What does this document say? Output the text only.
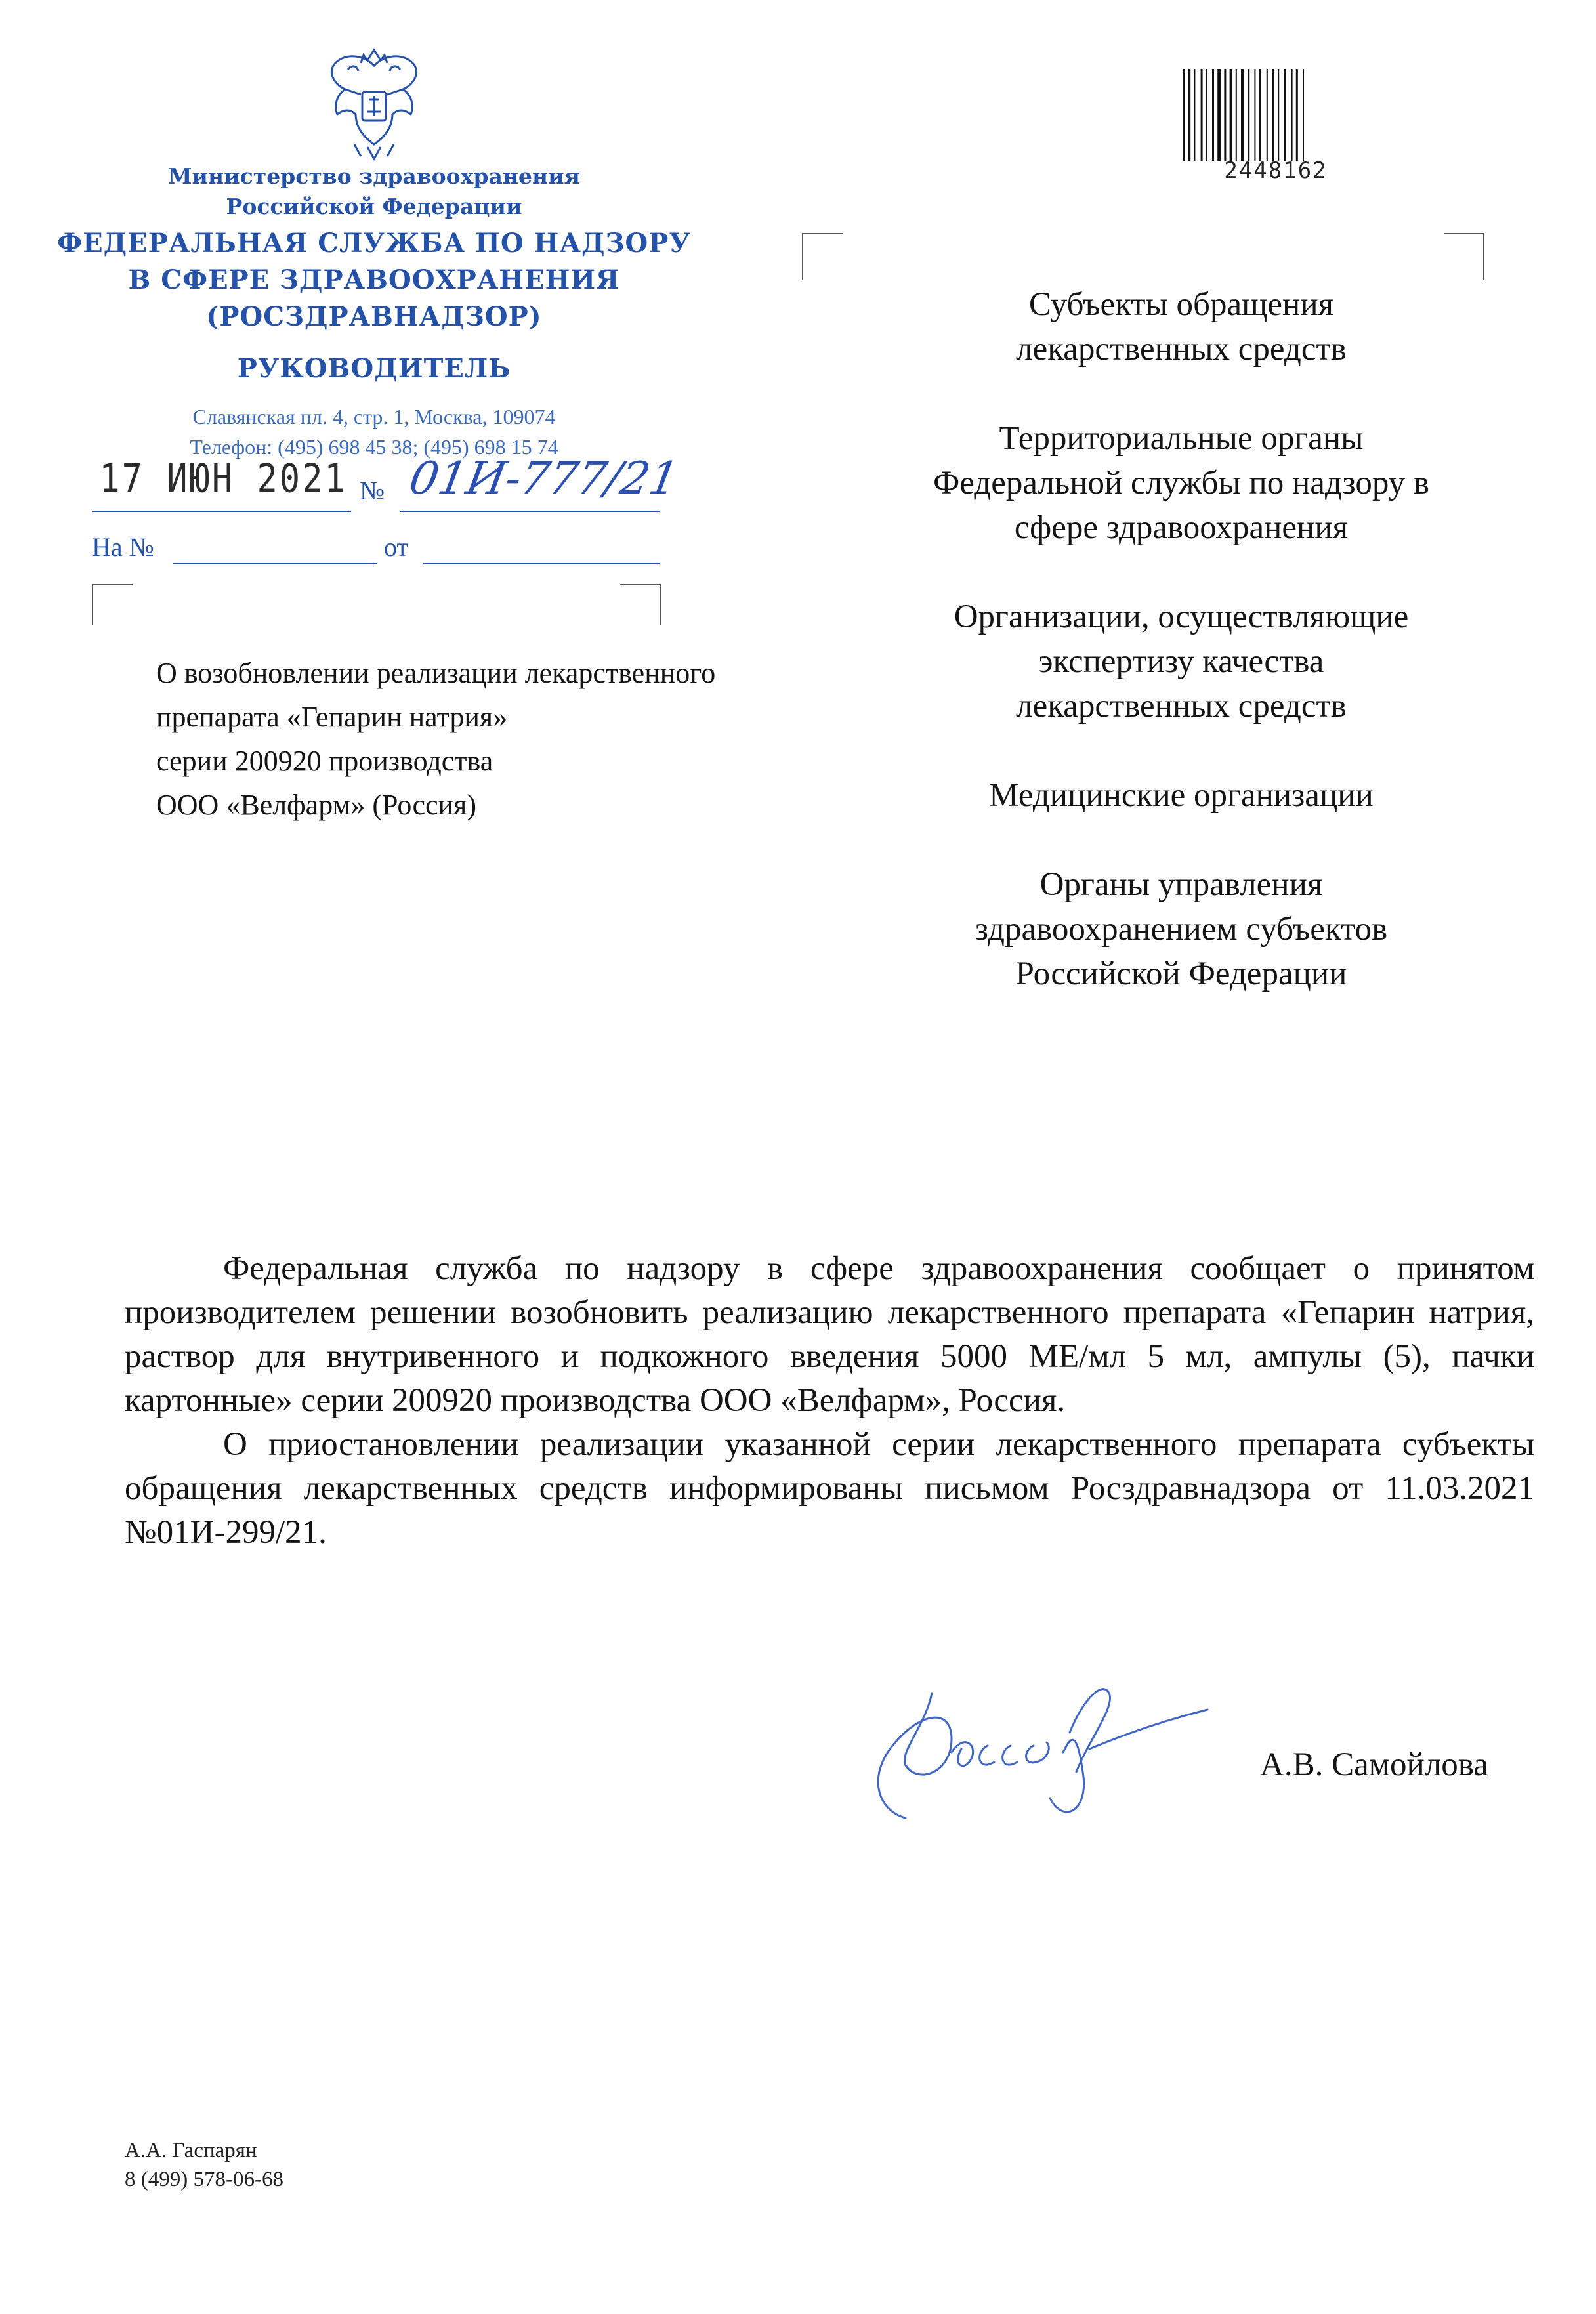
Министерство здравоохранения
Российской Федерации
ФЕДЕРАЛЬНАЯ СЛУЖБА ПО НАДЗОРУ
В СФЕРЕ ЗДРАВООХРАНЕНИЯ
(РОСЗДРАВНАДЗОР)
РУКОВОДИТЕЛЬ
Славянская пл. 4, стр. 1, Москва, 109074
Телефон: (495) 698 45 38; (495) 698 15 74
17 ИЮН 2021 № 01И-777/21
На №	от
О возобновлении реализации лекарственного
препарата «Гепарин натрия»
серии 200920 производства
ООО «Велфарм» (Россия)
2448162
Субъекты обращения
лекарственных средств
Территориальные органы
Федеральной службы по надзору в
сфере здравоохранения
Организации, осуществляющие
экспертизу качества
лекарственных средств
Медицинские организации
Органы управления
здравоохранением субъектов
Российской Федерации

Федеральная служба по надзору в сфере здравоохранения сообщает о принятом производителем решении возобновить реализацию лекарственного препарата «Гепарин натрия, раствор для внутривенного и подкожного введения 5000 МЕ/мл 5 мл, ампулы (5), пачки картонные» серии 200920 производства ООО «Велфарм», Россия.

О приостановлении реализации указанной серии лекарственного препарата субъекты обращения лекарственных средств информированы письмом Росздравнадзора от 11.03.2021 №01И-299/21.

А.В. Самойлова
А.А. Гаспарян
8 (499) 578-06-68
